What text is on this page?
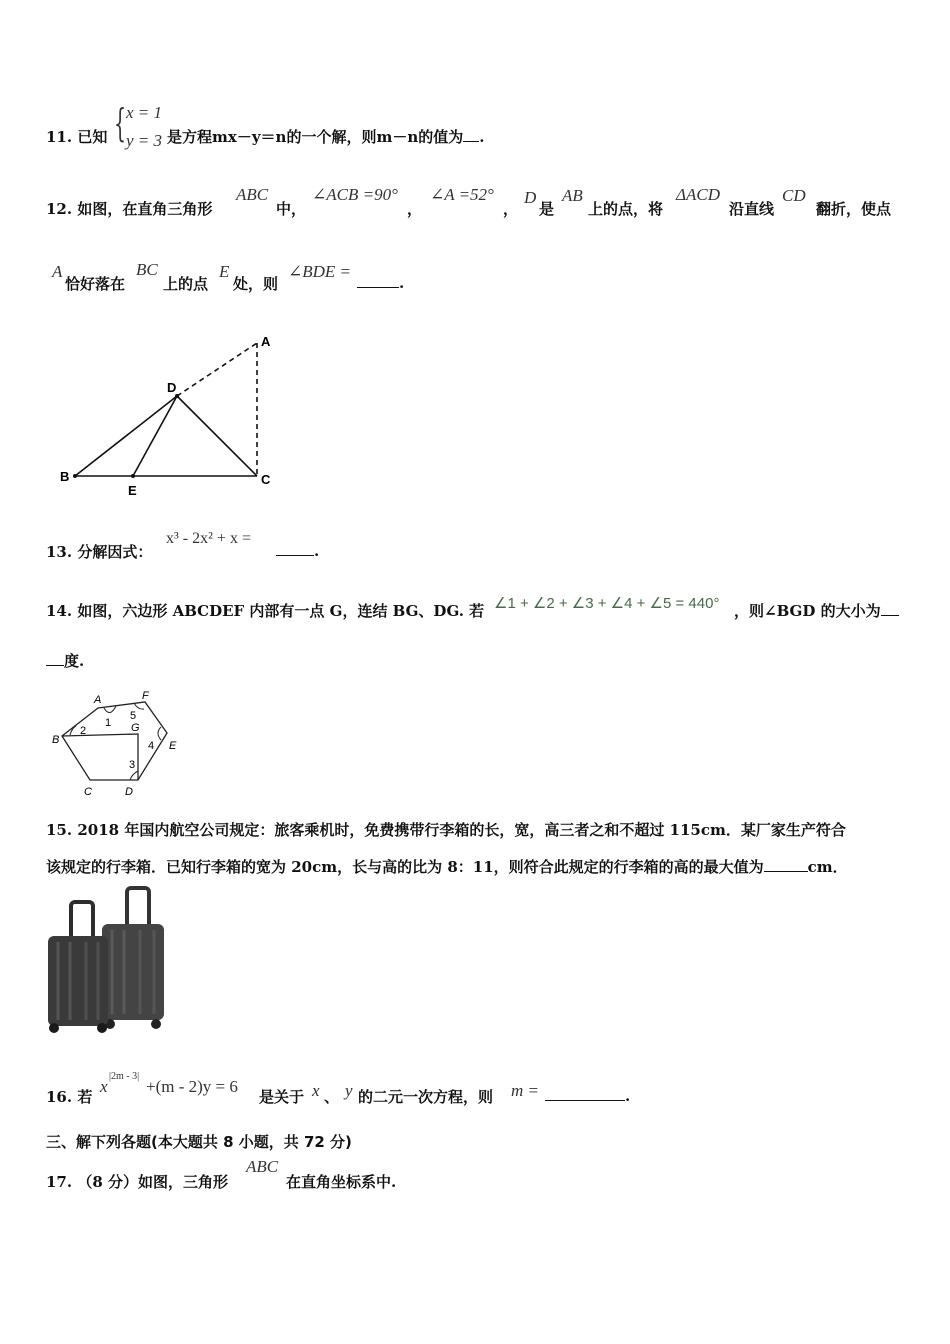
11. 已知 { x = 1
y = 3 是方程mx－y＝n的一个解，则m－n的值为 .
12. 如图，在直角三角形
ABC
中，
∠ACB =90°
，
∠A =52°
，
D
是
AB
上的点，将
ΔACD
沿直线
CD
翻折，使点
A
恰好落在
BC
上的点
E
处，则
∠BDE =
.
A
D
B
E
C
13. 分解因式：
x³ - 2x² + x =
.
14. 如图，六边形 ABCDEF 内部有一点 G，连结 BG、DG. 若 ∠1 + ∠2 + ∠3 + ∠4 + ∠5 = 440° ，则∠BGD 的大小为
度.
A	F
B
G
E
C	D
1
2
3
4
5
15. 2018 年国内航空公司规定：旅客乘机时，免费携带行李箱的长，宽，高三者之和不超过 115cm．某厂家生产符合
该规定的行李箱．已知行李箱的宽为 20cm，长与高的比为 8：11，则符合此规定的行李箱的高的最大值为	cm．
16. 若
x
|2m - 3|
+(m - 2)y = 6
是关于 x 、 y 的二元一次方程，则 m =	.
三、解下列各题(本大题共 8 小题，共 72 分)
17. （8 分）如图，三角形
ABC
在直角坐标系中.
